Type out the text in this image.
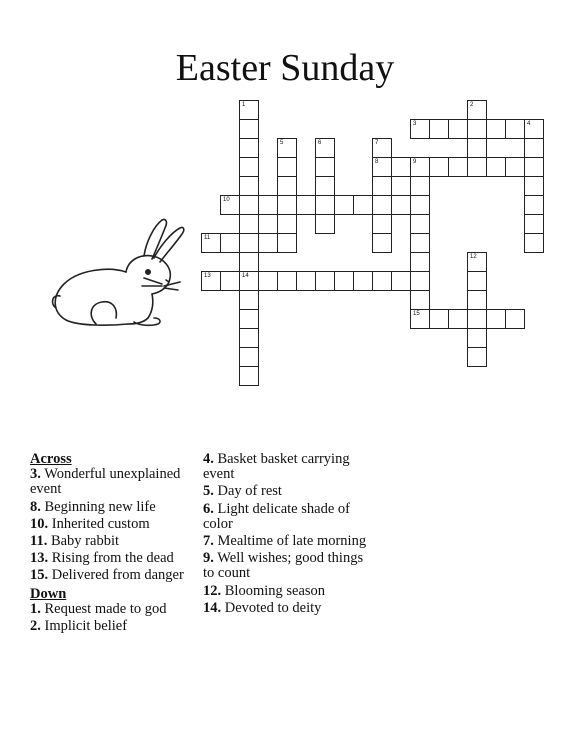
Easter Sunday
1
14
2
3	4
5	6	7
8	9
15
10
11
12
13
Across
3. Wonderful unexplained event
8. Beginning new life
10. Inherited custom
11. Baby rabbit
13. Rising from the dead
15. Delivered from danger
Down
1. Request made to god
2. Implicit belief
4. Basket basket carrying event
5. Day of rest
6. Light delicate shade of color
7. Mealtime of late morning
9. Well wishes; good things to count
12. Blooming season
14. Devoted to deity
